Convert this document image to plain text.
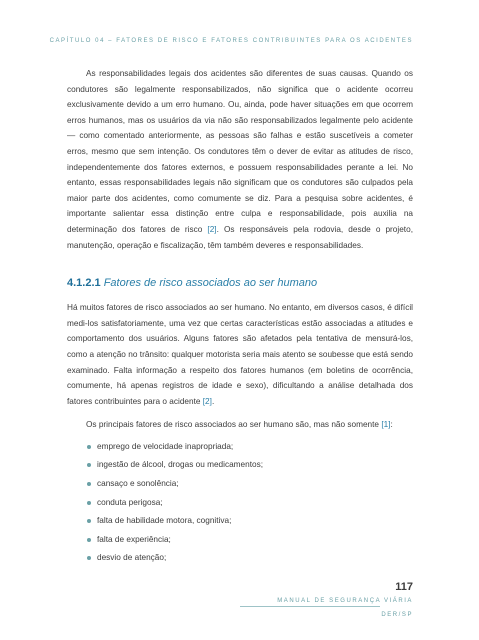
CAPÍTULO 04 – FATORES DE RISCO E FATORES CONTRIBUINTES PARA OS ACIDENTES

As responsabilidades legais dos acidentes são diferentes de suas causas. Quando os condutores são legalmente responsabilizados, não significa que o acidente ocorreu exclusivamente devido a um erro humano. Ou, ainda, pode haver situações em que ocorrem erros humanos, mas os usuários da via não são responsabilizados legalmente pelo acidente — como comentado anteriormente, as pessoas são falhas e estão suscetíveis a cometer erros, mesmo que sem intenção. Os condutores têm o dever de evitar as atitudes de risco, independentemente dos fatores externos, e possuem responsabilidades perante a lei. No entanto, essas responsabilidades legais não significam que os condutores são culpados pela maior parte dos acidentes, como comumente se diz. Para a pesquisa sobre acidentes, é importante salientar essa distinção entre culpa e responsabilidade, pois auxilia na determinação dos fatores de risco [2]. Os responsáveis pela rodovia, desde o projeto, manutenção, operação e fiscalização, têm também deveres e responsabilidades.

4.1.2.1 Fatores de risco associados ao ser humano

Há muitos fatores de risco associados ao ser humano. No entanto, em diversos casos, é difícil medi-los satisfatoriamente, uma vez que certas características estão associadas a atitudes e comportamento dos usuários. Alguns fatores são afetados pela tentativa de mensurá-los, como a atenção no trânsito: qualquer motorista seria mais atento se soubesse que está sendo examinado. Falta informação a respeito dos fatores humanos (em boletins de ocorrência, comumente, há apenas registros de idade e sexo), dificultando a análise detalhada dos fatores contribuintes para o acidente [2].

Os principais fatores de risco associados ao ser humano são, mas não somente [1]:

emprego de velocidade inapropriada;
ingestão de álcool, drogas ou medicamentos;
cansaço e sonolência;
conduta perigosa;
falta de habilidade motora, cognitiva;
falta de experiência;
desvio de atenção;
117
MANUAL DE SEGURANÇA VIÁRIA
DER/SP
